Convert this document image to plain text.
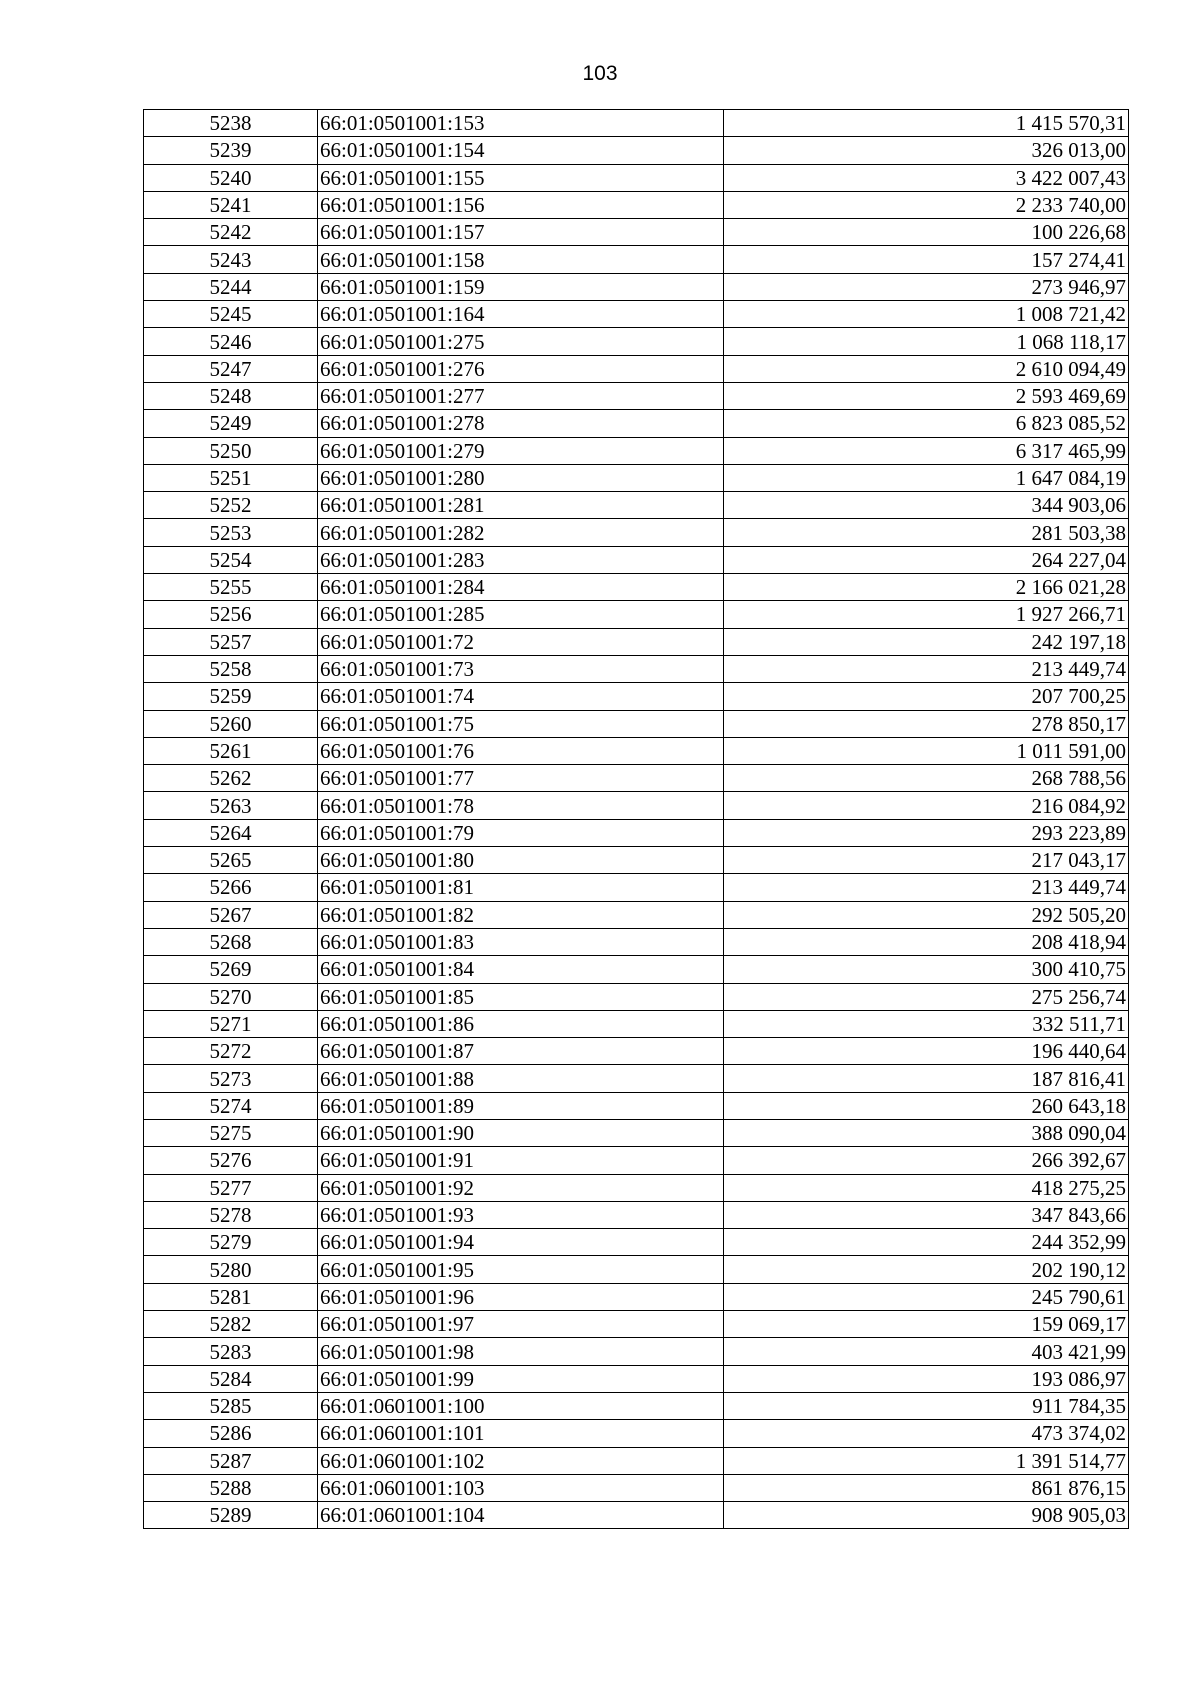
103
5238	66:01:0501001:153	1 415 570,31
5239	66:01:0501001:154	326 013,00
5240	66:01:0501001:155	3 422 007,43
5241	66:01:0501001:156	2 233 740,00
5242	66:01:0501001:157	100 226,68
5243	66:01:0501001:158	157 274,41
5244	66:01:0501001:159	273 946,97
5245	66:01:0501001:164	1 008 721,42
5246	66:01:0501001:275	1 068 118,17
5247	66:01:0501001:276	2 610 094,49
5248	66:01:0501001:277	2 593 469,69
5249	66:01:0501001:278	6 823 085,52
5250	66:01:0501001:279	6 317 465,99
5251	66:01:0501001:280	1 647 084,19
5252	66:01:0501001:281	344 903,06
5253	66:01:0501001:282	281 503,38
5254	66:01:0501001:283	264 227,04
5255	66:01:0501001:284	2 166 021,28
5256	66:01:0501001:285	1 927 266,71
5257	66:01:0501001:72	242 197,18
5258	66:01:0501001:73	213 449,74
5259	66:01:0501001:74	207 700,25
5260	66:01:0501001:75	278 850,17
5261	66:01:0501001:76	1 011 591,00
5262	66:01:0501001:77	268 788,56
5263	66:01:0501001:78	216 084,92
5264	66:01:0501001:79	293 223,89
5265	66:01:0501001:80	217 043,17
5266	66:01:0501001:81	213 449,74
5267	66:01:0501001:82	292 505,20
5268	66:01:0501001:83	208 418,94
5269	66:01:0501001:84	300 410,75
5270	66:01:0501001:85	275 256,74
5271	66:01:0501001:86	332 511,71
5272	66:01:0501001:87	196 440,64
5273	66:01:0501001:88	187 816,41
5274	66:01:0501001:89	260 643,18
5275	66:01:0501001:90	388 090,04
5276	66:01:0501001:91	266 392,67
5277	66:01:0501001:92	418 275,25
5278	66:01:0501001:93	347 843,66
5279	66:01:0501001:94	244 352,99
5280	66:01:0501001:95	202 190,12
5281	66:01:0501001:96	245 790,61
5282	66:01:0501001:97	159 069,17
5283	66:01:0501001:98	403 421,99
5284	66:01:0501001:99	193 086,97
5285	66:01:0601001:100	911 784,35
5286	66:01:0601001:101	473 374,02
5287	66:01:0601001:102	1 391 514,77
5288	66:01:0601001:103	861 876,15
5289	66:01:0601001:104	908 905,03
